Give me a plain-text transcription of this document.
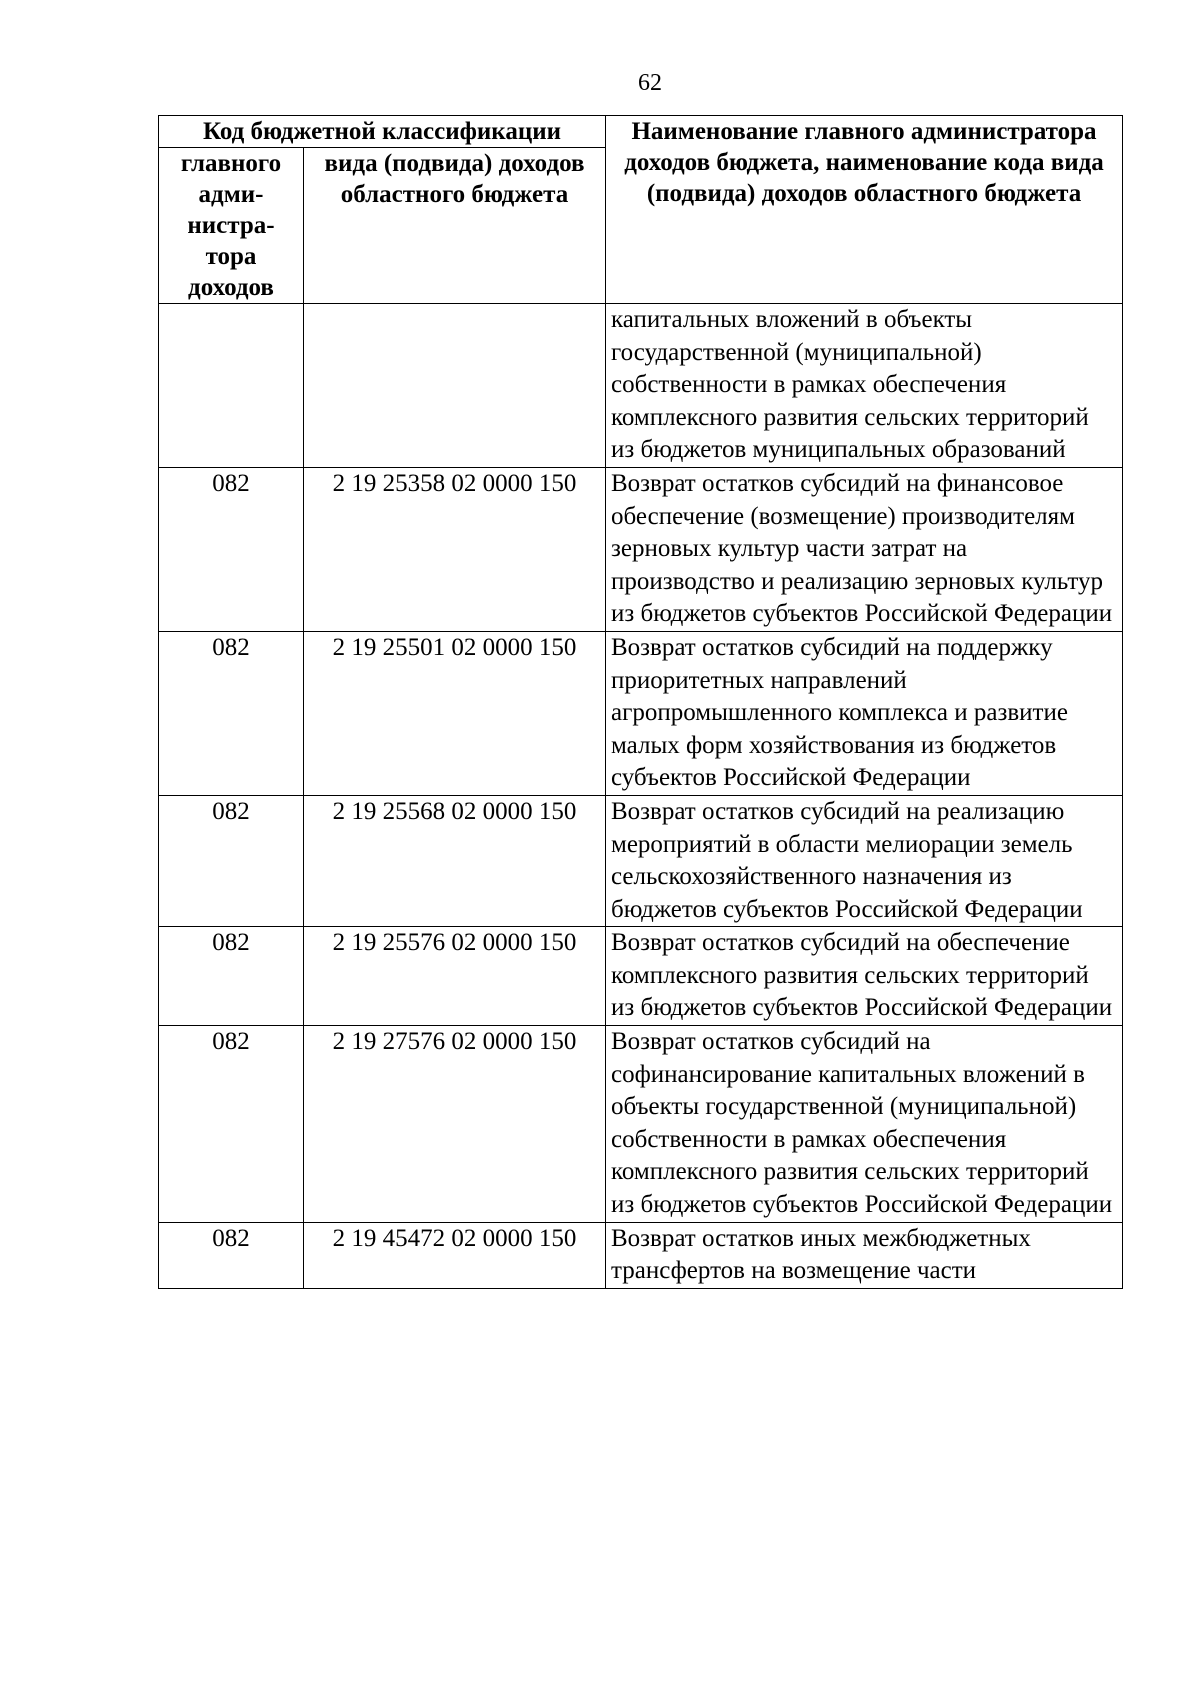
62
Код бюджетной классификации		Наименование главного администратора доходов бюджета, наименование кода вида (подвида) доходов областного бюджета
главного адми- нистра- тора доходов	вида (подвида) доходов областного бюджета	
		капитальных вложений в объекты государственной (муниципальной) собственности в рамках обеспечения комплексного развития сельских территорий из бюджетов муниципальных образований
082	2 19 25358 02 0000 150	Возврат остатков субсидий на финансовое обеспечение (возмещение) производителям зерновых культур части затрат на производство и реализацию зерновых культур из бюджетов субъектов Российской Федерации
082	2 19 25501 02 0000 150	Возврат остатков субсидий на поддержку приоритетных направлений агропромышленного комплекса и развитие малых форм хозяйствования из бюджетов субъектов Российской Федерации
082	2 19 25568 02 0000 150	Возврат остатков субсидий на реализацию мероприятий в области мелиорации земель сельскохозяйственного назначения из бюджетов субъектов Российской Федерации
082	2 19 25576 02 0000 150	Возврат остатков субсидий на обеспечение комплексного развития сельских территорий из бюджетов субъектов Российской Федерации
082	2 19 27576 02 0000 150	Возврат остатков субсидий на софинансирование капитальных вложений в объекты государственной (муниципальной) собственности в рамках обеспечения комплексного развития сельских территорий из бюджетов субъектов Российской Федерации
082	2 19 45472 02 0000 150	Возврат остатков иных межбюджетных трансфертов на возмещение части
